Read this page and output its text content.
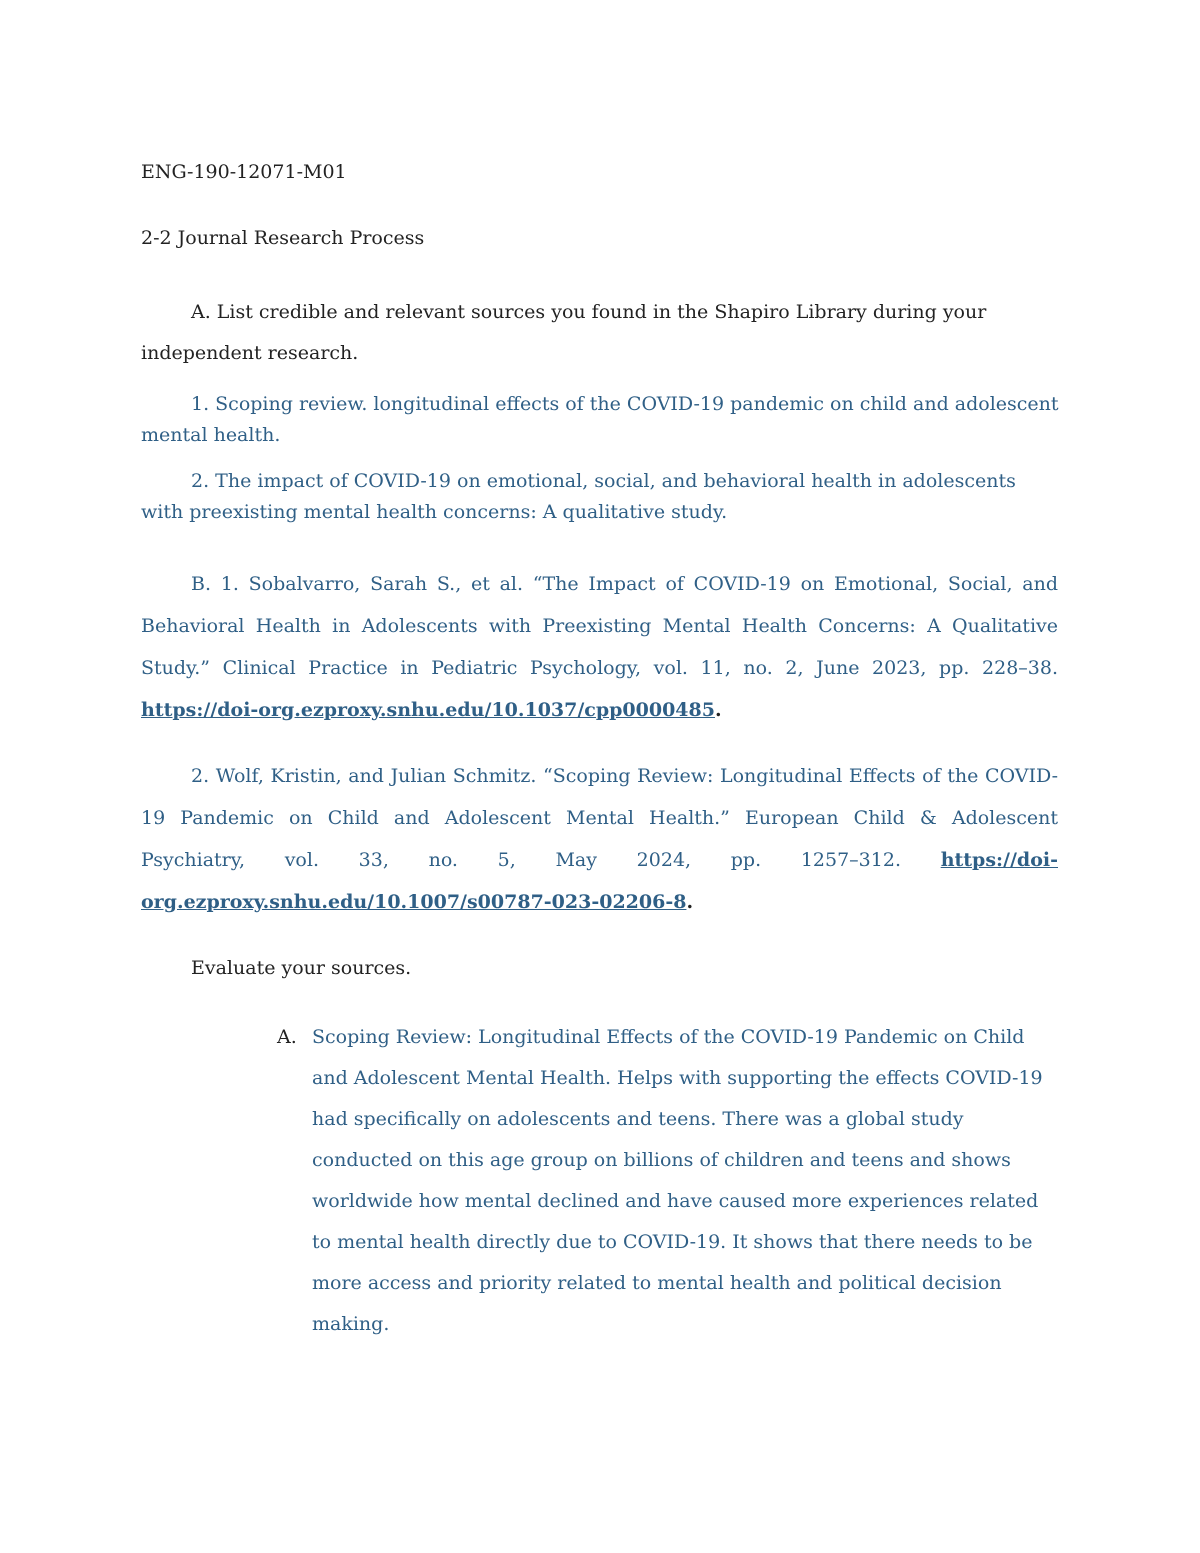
ENG-190-12071-M01
2-2 Journal Research Process
A. List credible and relevant sources you found in the Shapiro Library during your independent research.
1. Scoping review. longitudinal effects of the COVID-19 pandemic on child and adolescent mental health.
2. The impact of COVID-19 on emotional, social, and behavioral health in adolescents with preexisting mental health concerns: A qualitative study.
B. 1. Sobalvarro, Sarah S., et al. “The Impact of COVID-19 on Emotional, Social, and Behavioral Health in Adolescents with Preexisting Mental Health Concerns: A Qualitative Study.” Clinical Practice in Pediatric Psychology, vol. 11, no. 2, June 2023, pp. 228–38. https://doi-org.ezproxy.snhu.edu/10.1037/cpp0000485.
2. Wolf, Kristin, and Julian Schmitz. “Scoping Review: Longitudinal Effects of the COVID-19 Pandemic on Child and Adolescent Mental Health.” European Child & Adolescent Psychiatry, vol. 33, no. 5, May 2024, pp. 1257–312. https://doi-org.ezproxy.snhu.edu/10.1007/s00787-023-02206-8.
Evaluate your sources.
A. Scoping Review: Longitudinal Effects of the COVID-19 Pandemic on Child and Adolescent Mental Health. Helps with supporting the effects COVID-19 had specifically on adolescents and teens. There was a global study conducted on this age group on billions of children and teens and shows worldwide how mental declined and have caused more experiences related to mental health directly due to COVID-19. It shows that there needs to be more access and priority related to mental health and political decision making.
